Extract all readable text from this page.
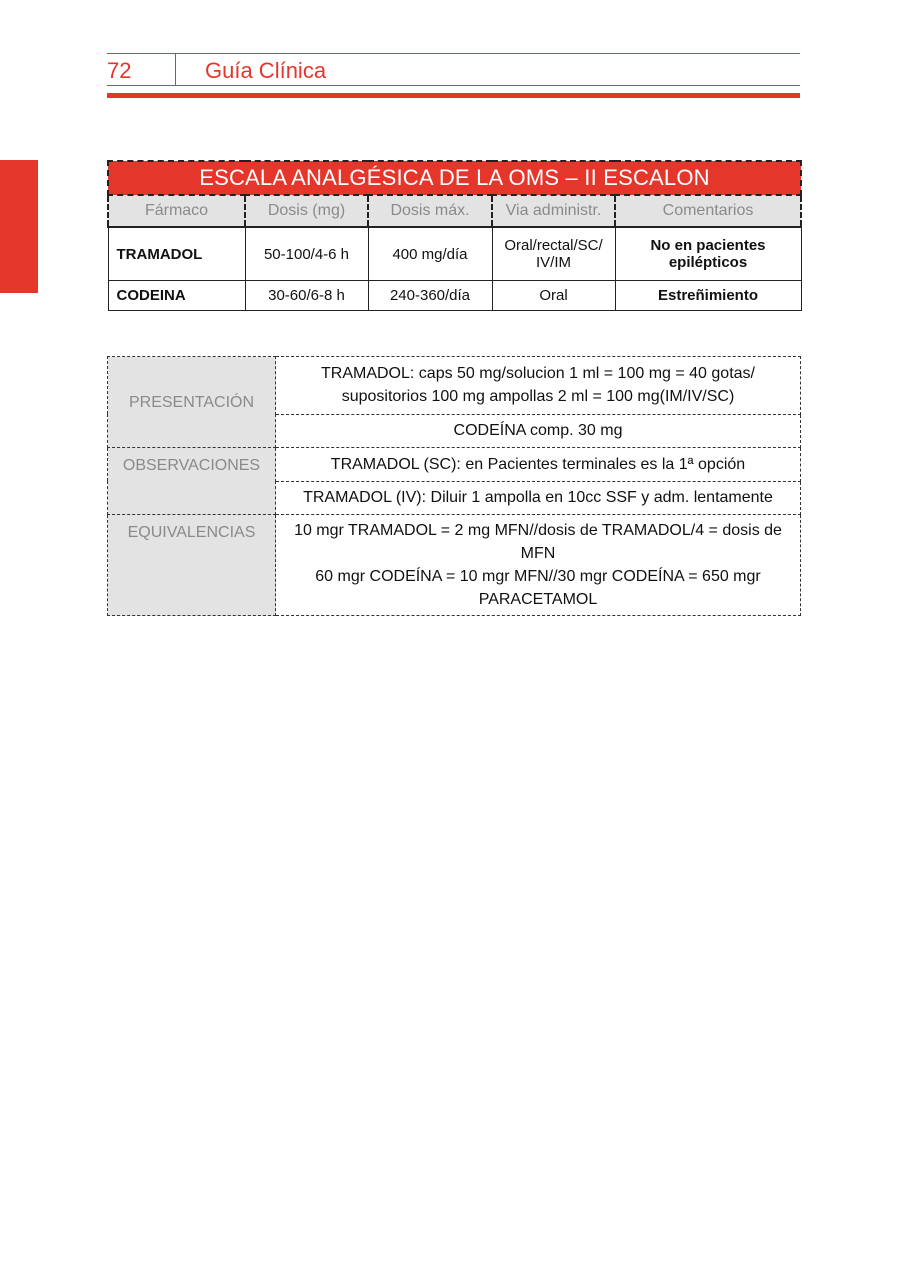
72	Guía Clínica
ESCALA ANALGÉSICA DE LA OMS – II ESCALON				
Fármaco	Dosis (mg)	Dosis máx.	Via administr.	Comentarios
TRAMADOL	50-100/4-6 h	400 mg/día	Oral/rectal/SC/ IV/IM	No en pacientes epilépticos
CODEINA	30-60/6-8 h	240-360/día	Oral	Estreñimiento
PRESENTACIÓN	TRAMADOL: caps 50 mg/solucion 1 ml = 100 mg = 40 gotas/ supositorios 100 mg ampollas 2 ml = 100 mg(IM/IV/SC)
	CODEÍNA comp. 30 mg
OBSERVACIONES	TRAMADOL (SC): en Pacientes terminales es la 1ª opción
	TRAMADOL (IV): Diluir 1 ampolla en 10cc SSF y adm. lentamente
EQUIVALENCIAS	10 mgr TRAMADOL = 2 mg MFN//dosis de TRAMADOL/4 = dosis de MFN
60 mgr CODEÍNA = 10 mgr MFN//30 mgr CODEÍNA = 650 mgr PARACETAMOL
